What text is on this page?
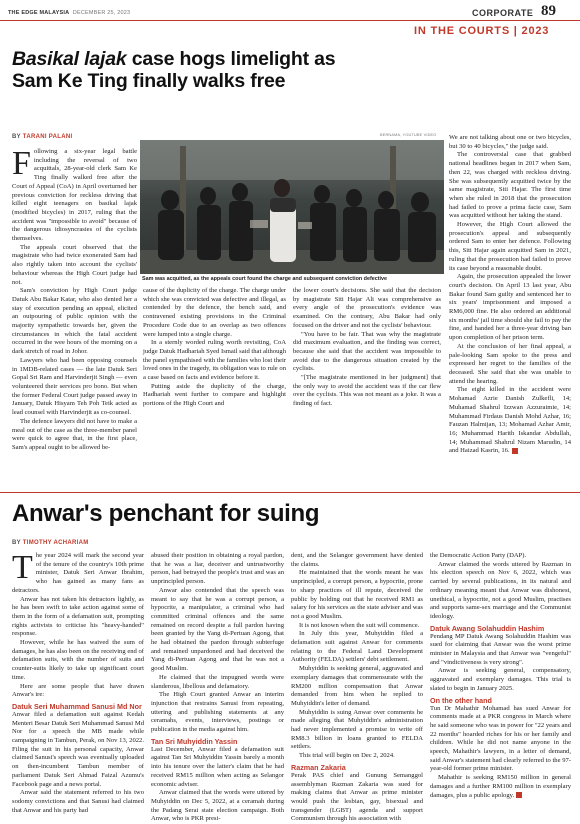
THE EDGE MALAYSIA DECEMBER 25, 2023	CORPORATE 89
IN THE COURTS | 2023
Basikal lajak case hogs limelight as
Sam Ke Ting finally walks free
BY TARANI PALANI	BERNAMA, YOUTUBE VIDEO
Sam was acquitted, as the appeals court found the charge and subsequent conviction defective

Following a six-year legal battle including the reversal of two acquittals, 28-year-old clerk Sam Ke Ting finally walked free after the Court of Appeal (CoA) in April overturned her previous conviction for reckless driving that killed eight teenagers on basikal lajak (modified bicycles) in 2017, ruling that the accident was "impossible to avoid" because of the dangerous idiosyncrasies of the cyclists themselves.

The appeals court observed that the magistrate who had twice exonerated Sam had also rightly taken into account the cyclists' behaviour whereas the High Court judge had not.

Sam's conviction by High Court judge Datuk Abu Bakar Katar, who also denied her a stay of execution pending an appeal, elicited an outpouring of public opinion with the majority sympathetic towards her, given the circumstances in which the fatal accident occurred in the wee hours of the morning on a dark stretch of road in Johor.

Lawyers who had been opposing counsels in 1MDB-related cases — the late Datuk Seri Gopal Sri Ram and Harvinderjit Singh — even volunteered their services pro bono. But when the former Federal Court judge passed away in January, Datuk Hisyam Teh Poh Teik acted as lead counsel with Harvinderjit as co-counsel.

The defence lawyers did not have to make a meal out of the case as the three-member panel were quick to agree that, in the first place, Sam's appeal ought to be allowed be-

cause of the duplicity of the charge. The charge under which she was convicted was defective and illegal, as contended by the defence, the bench said, and contravened existing provisions in the Criminal Procedure Code due to an overlap as two offences were lumped into a single charge.

In a sternly worded ruling worth revisiting, CoA judge Datuk Hadhariah Syed Ismail said that although the panel sympathised with the families who lost their loved ones in the tragedy, its obligation was to rule on a case based on facts and evidence before it.

Putting aside the duplicity of the charge, Hadhariah went further to compare and highlight portions of the High Court and

the lower court's decisions. She said that the decision by magistrate Siti Hajar Ali was comprehensive as every angle of the prosecution's evidence was examined. On the contrary, Abu Bakar had only focused on the driver and not the cyclists' behaviour.

"You have to be fair. That was why the magistrate did maximum evaluation, and the finding was correct, because she said that the accident was impossible to avoid due to the dangerous situation created by the cyclists.

"[The magistrate mentioned in her judgment] that the only way to avoid the accident was if the car flew over the cyclists. This was not meant as a joke. It was a finding of fact.

We are not talking about one or two bicycles, but 30 to 40 bicycles," the judge said.

The controversial case that grabbed national headlines began in 2017 when Sam, then 22, was charged with reckless driving. She was subsequently acquitted twice by the same magistrate, Siti Hajar. The first time when she ruled in 2018 that the prosecution had failed to prove a prima facie case, Sam was acquitted without her taking the stand.

However, the High Court allowed the prosecution's appeal and subsequently ordered Sam to enter her defence. Following this, Siti Hajar again acquitted Sam in 2021, ruling that the prosecution had failed to prove its case beyond a reasonable doubt.

Again, the prosecution appealed the lower court's decision. On April 13 last year, Abu Bakar found Sam guilty and sentenced her to six years' imprisonment and imposed a RM6,000 fine. He also ordered an additional six months' jail time should she fail to pay the fine, and handed her a three-year driving ban upon completion of her prison term.

At the conclusion of her final appeal, a pale-looking Sam spoke to the press and expressed her regret to the families of the deceased. She said that she was unable to attend the hearing.

The eight killed in the accident were Mohamad Azrie Danish Zulkefli, 14; Muhamad Shahrul Izzwan Azzuraimie, 14; Muhammad Firdaus Danish Mohd Azhar, 16; Fauzan Halmijan, 13; Mohamad Azhar Amir, 16; Muhammad Harith Iskandar Abdullah, 14; Muhammad Shahrul Nizam Marudin, 14 and Haizad Kasrin, 16.

Anwar's penchant for suing
BY TIMOTHY ACHARIAM

The year 2024 will mark the second year of the tenure of the country's 10th prime minister, Datuk Seri Anwar Ibrahim, who has gained as many fans as detractors.

Anwar has not taken his detractors lightly, as he has been swift to take action against some of them in the form of a defamation suit, prompting rights activists to criticise his "heavy-handed" response.

However, while he has waived the sum of damages, he has also been on the receiving end of defamation suits, with the number of suits and counter-suits likely to take up significant court time.

Here are some people that have drawn Anwar's ire:

Datuk Seri Muhammad Sanusi Md Nor

Anwar filed a defamation suit against Kedah Menteri Besar Datuk Seri Muhammad Sanusi Md Nor for a speech the MB made while campaigning in Tambun, Perak, on Nov 13, 2022. Filing the suit in his personal capacity, Anwar claimed Sanusi's speech was eventually uploaded on then-incumbent Tambun member of parliament Datuk Seri Ahmad Faizal Azumu's Facebook page and a news portal.

Anwar said the statement referred to his two sodomy convictions and that Sanusi had claimed that Anwar and his party had

abused their position in obtaining a royal pardon, that he was a liar, deceiver and untrustworthy person, had betrayed the people's trust and was an unprincipled person.

Anwar also contended that the speech was meant to say that he was a corrupt person, a hypocrite, a manipulator, a criminal who had committed criminal offences and the same remained on record despite a full pardon having been granted by the Yang di-Pertuan Agong, that he had obtained the pardon through subterfuge and remained unpardoned and had deceived the Yang di-Pertuan Agong and that he was not a good Muslim.

He claimed that the impugned words were slanderous, libellous and defamatory.

The High Court granted Anwar an interim injunction that restrains Sanusi from repeating, uttering and publishing statements at any ceramahs, events, interviews, postings or publication in the media against him.

Tan Sri Muhyiddin Yassin

Last December, Anwar filed a defamation suit against Tan Sri Muhyiddin Yassin barely a month into his tenure over the latter's claim that he had received RM15 million when acting as Selangor economic adviser.

Anwar claimed that the words were uttered by Muhyiddin on Dec 5, 2022, at a ceramah during the Padang Serai state election campaign. Both Anwar, who is PKR presi-

dent, and the Selangor government have denied the claims.

He maintained that the words meant he was unprincipled, a corrupt person, a hypocrite, prone to sharp practices of ill repute, deceived the public by holding out that he received RM1 as salary for his services as the state adviser and was not a good Muslim.

It is not known when the suit will commence.

In July this year, Muhyiddin filed a defamation suit against Anwar for comments relating to the Federal Land Development Authority (FELDA) settlers' debt settlement.

Muhyiddin is seeking general, aggravated and exemplary damages that commensurate with the RM200 million compensation that Anwar demanded from him when he replied to Muhyiddin's letter of demand.

Muhyiddin is suing Anwar over comments he made alleging that Muhyiddin's administration had never implemented a promise to write off RM8.3 billion in loans granted to FELDA settlers.

This trial will begin on Dec 2, 2024.

Razman Zakaria

Perak PAS chief and Gunung Semanggol assemblyman Razman Zakaria was sued for making claims that Anwar as prime minister would push the lesbian, gay, bisexual and transgender (LGBT) agenda and support Communism through his association with

the Democratic Action Party (DAP).

Anwar claimed the words uttered by Razman in his election speech on Nov 6, 2022, which was carried by several publications, in its natural and ordinary meaning meant that Anwar was dishonest, unethical, a hypocrite, not a good Muslim, practises and supports same-sex marriage and the Communist ideology.

Datuk Awang Solahuddin Hashim

Pendang MP Datuk Awang Solahuddin Hashim was sued for claiming that Anwar was the worst prime minister in Malaysia and that Anwar was "vengeful" and "vindictiveness is very strong".

Anwar is seeking general, compensatory, aggravated and exemplary damages. This trial is slated to begin in January 2025.

On the other hand

Tun Dr Mahathir Mohamad has sued Anwar for comments made at a PKR congress in March where he said someone who was in power for "22 years and 22 months" hoarded riches for his or her family and children. While he did not name anyone in the speech, Mahathir's lawyers, in a letter of demand, said Anwar's statement had clearly referred to the 97-year-old former prime minister.

Mahathir is seeking RM150 million in general damages and a further RM100 million in exemplary damages, plus a public apology.
